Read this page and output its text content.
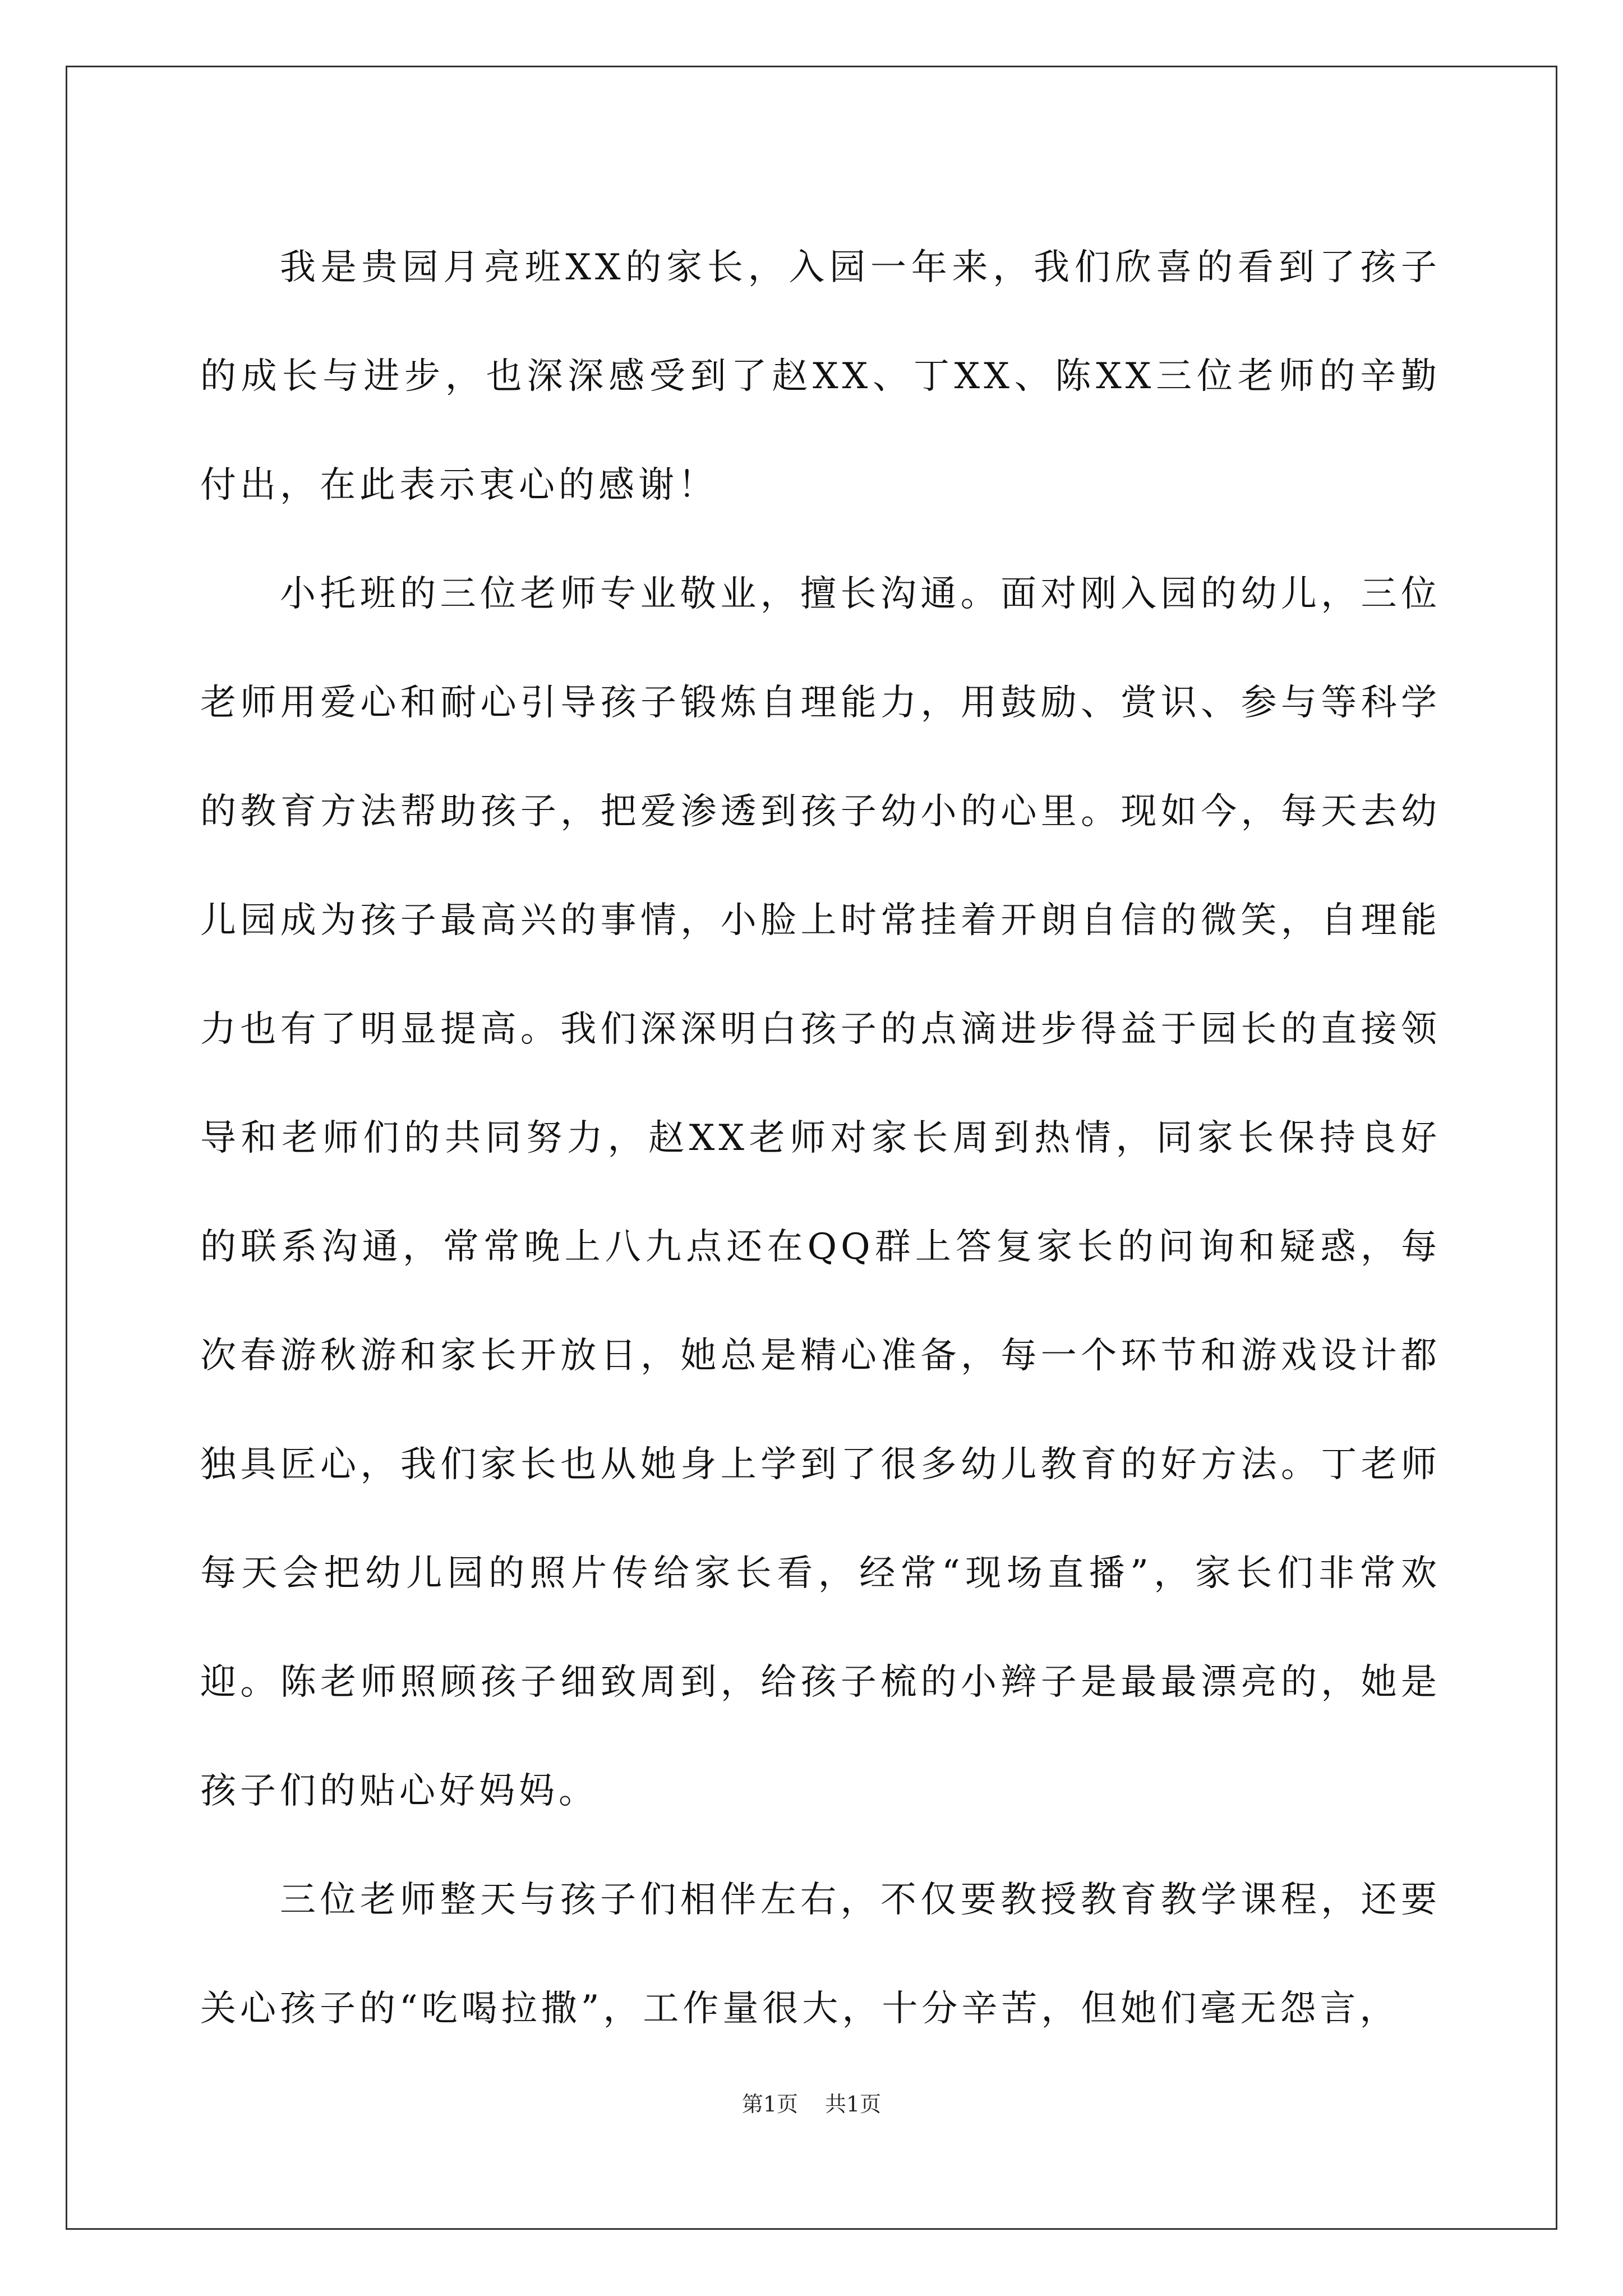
我是贵园月亮班XX的家长，入园一年来，我们欣喜的看到了孩子的成长与进步，也深深感受到了赵XX、丁XX、陈XX三位老师的辛勤付出，在此表示衷心的感谢！

小托班的三位老师专业敬业，擅长沟通。面对刚入园的幼儿，三位老师用爱心和耐心引导孩子锻炼自理能力，用鼓励、赏识、参与等科学的教育方法帮助孩子，把爱渗透到孩子幼小的心里。现如今，每天去幼儿园成为孩子最高兴的事情，小脸上时常挂着开朗自信的微笑，自理能力也有了明显提高。我们深深明白孩子的点滴进步得益于园长的直接领导和老师们的共同努力，赵XX老师对家长周到热情，同家长保持良好的联系沟通，常常晚上八九点还在QQ群上答复家长的问询和疑惑，每次春游秋游和家长开放日，她总是精心准备，每一个环节和游戏设计都独具匠心，我们家长也从她身上学到了很多幼儿教育的好方法。丁老师每天会把幼儿园的照片传给家长看，经常“现场直播”，家长们非常欢迎。陈老师照顾孩子细致周到，给孩子梳的小辫子是最最漂亮的，她是孩子们的贴心好妈妈。

三位老师整天与孩子们相伴左右，不仅要教授教育教学课程，还要关心孩子的“吃喝拉撒”，工作量很大，十分辛苦，但她们毫无怨言，

第1页 共1页
